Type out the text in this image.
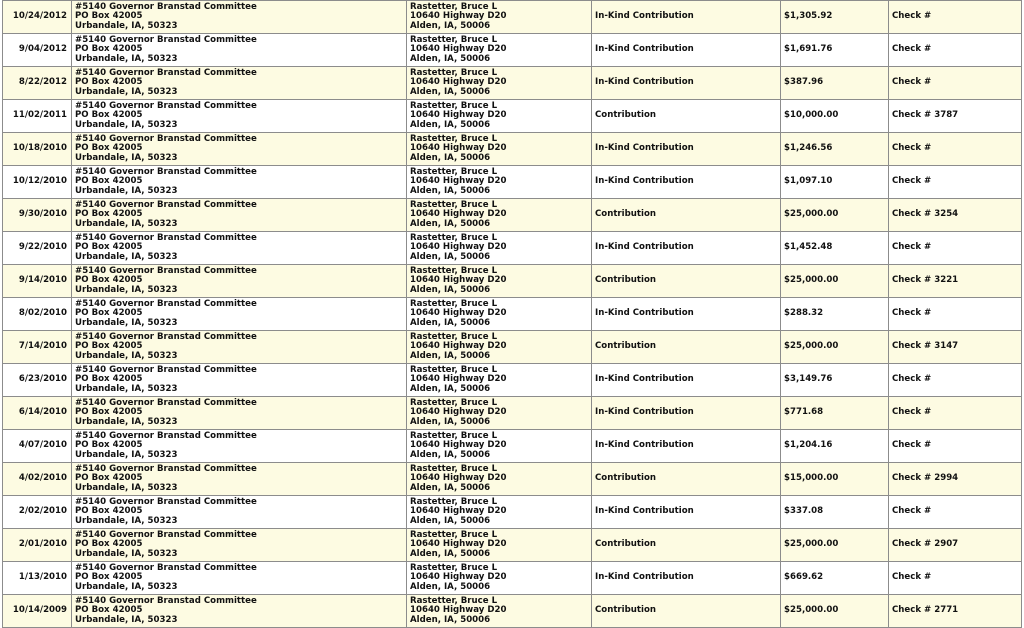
10/24/2012	#5140 Governor Branstad Committee
PO Box 42005
Urbandale, IA, 50323	Rastetter, Bruce L
10640 Highway D20
Alden, IA, 50006	In-Kind Contribution	$1,305.92	Check #
9/04/2012	#5140 Governor Branstad Committee
PO Box 42005
Urbandale, IA, 50323	Rastetter, Bruce L
10640 Highway D20
Alden, IA, 50006	In-Kind Contribution	$1,691.76	Check #
8/22/2012	#5140 Governor Branstad Committee
PO Box 42005
Urbandale, IA, 50323	Rastetter, Bruce L
10640 Highway D20
Alden, IA, 50006	In-Kind Contribution	$387.96	Check #
11/02/2011	#5140 Governor Branstad Committee
PO Box 42005
Urbandale, IA, 50323	Rastetter, Bruce L
10640 Highway D20
Alden, IA, 50006	Contribution	$10,000.00	Check # 3787
10/18/2010	#5140 Governor Branstad Committee
PO Box 42005
Urbandale, IA, 50323	Rastetter, Bruce L
10640 Highway D20
Alden, IA, 50006	In-Kind Contribution	$1,246.56	Check #
10/12/2010	#5140 Governor Branstad Committee
PO Box 42005
Urbandale, IA, 50323	Rastetter, Bruce L
10640 Highway D20
Alden, IA, 50006	In-Kind Contribution	$1,097.10	Check #
9/30/2010	#5140 Governor Branstad Committee
PO Box 42005
Urbandale, IA, 50323	Rastetter, Bruce L
10640 Highway D20
Alden, IA, 50006	Contribution	$25,000.00	Check # 3254
9/22/2010	#5140 Governor Branstad Committee
PO Box 42005
Urbandale, IA, 50323	Rastetter, Bruce L
10640 Highway D20
Alden, IA, 50006	In-Kind Contribution	$1,452.48	Check #
9/14/2010	#5140 Governor Branstad Committee
PO Box 42005
Urbandale, IA, 50323	Rastetter, Bruce L
10640 Highway D20
Alden, IA, 50006	Contribution	$25,000.00	Check # 3221
8/02/2010	#5140 Governor Branstad Committee
PO Box 42005
Urbandale, IA, 50323	Rastetter, Bruce L
10640 Highway D20
Alden, IA, 50006	In-Kind Contribution	$288.32	Check #
7/14/2010	#5140 Governor Branstad Committee
PO Box 42005
Urbandale, IA, 50323	Rastetter, Bruce L
10640 Highway D20
Alden, IA, 50006	Contribution	$25,000.00	Check # 3147
6/23/2010	#5140 Governor Branstad Committee
PO Box 42005
Urbandale, IA, 50323	Rastetter, Bruce L
10640 Highway D20
Alden, IA, 50006	In-Kind Contribution	$3,149.76	Check #
6/14/2010	#5140 Governor Branstad Committee
PO Box 42005
Urbandale, IA, 50323	Rastetter, Bruce L
10640 Highway D20
Alden, IA, 50006	In-Kind Contribution	$771.68	Check #
4/07/2010	#5140 Governor Branstad Committee
PO Box 42005
Urbandale, IA, 50323	Rastetter, Bruce L
10640 Highway D20
Alden, IA, 50006	In-Kind Contribution	$1,204.16	Check #
4/02/2010	#5140 Governor Branstad Committee
PO Box 42005
Urbandale, IA, 50323	Rastetter, Bruce L
10640 Highway D20
Alden, IA, 50006	Contribution	$15,000.00	Check # 2994
2/02/2010	#5140 Governor Branstad Committee
PO Box 42005
Urbandale, IA, 50323	Rastetter, Bruce L
10640 Highway D20
Alden, IA, 50006	In-Kind Contribution	$337.08	Check #
2/01/2010	#5140 Governor Branstad Committee
PO Box 42005
Urbandale, IA, 50323	Rastetter, Bruce L
10640 Highway D20
Alden, IA, 50006	Contribution	$25,000.00	Check # 2907
1/13/2010	#5140 Governor Branstad Committee
PO Box 42005
Urbandale, IA, 50323	Rastetter, Bruce L
10640 Highway D20
Alden, IA, 50006	In-Kind Contribution	$669.62	Check #
10/14/2009	#5140 Governor Branstad Committee
PO Box 42005
Urbandale, IA, 50323	Rastetter, Bruce L
10640 Highway D20
Alden, IA, 50006	Contribution	$25,000.00	Check # 2771
